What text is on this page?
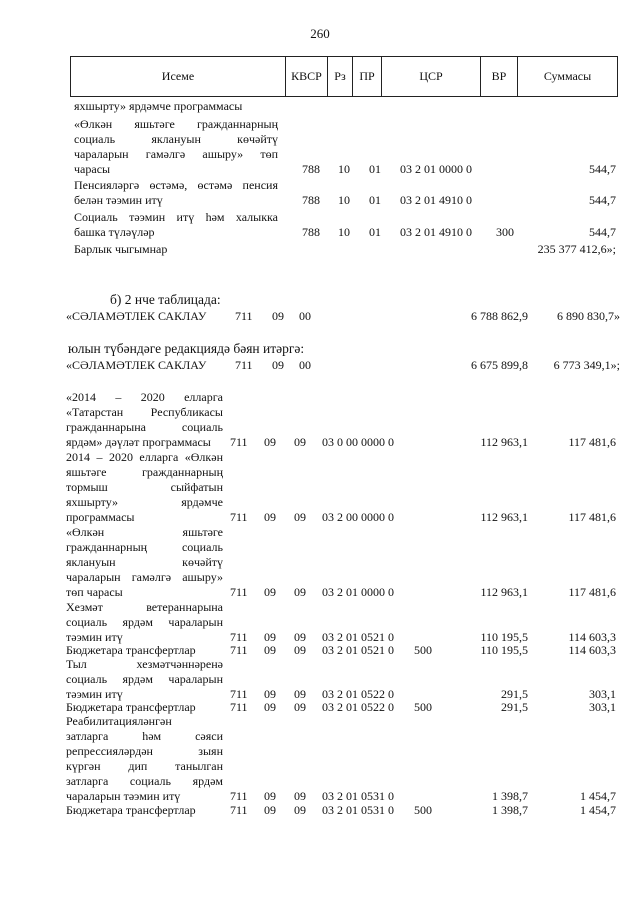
260
Исеме	КВСР	Рз	ПР	ЦСР	ВР	Суммасы
яхшырту» ярдәмче программасы
«Өлкән яшьтәге гражданнарның
социаль яклануын көчәйтү
чараларын гамәлгә ашыру» төп
чарасы	788	10	01	03 2 01 0000 0	544,7
Пенсияләргә өстәмә, өстәмә пенсия
белән тәэмин итү	788	10	01	03 2 01 4910 0	544,7
Социаль тәэмин итү һәм халыкка
башка түләүләр	788	10	01	03 2 01 4910 0	300	544,7
Барлык чыгымнар	235 377 412,6»;
б) 2 нче таблицада:
«СӘЛАМӘТЛЕК САКЛАУ 711 09 00	6 788 862,9	6 890 830,7»
юлын түбәндәге редакциядә бәян итәргә:
«СӘЛАМӘТЛЕК САКЛАУ 711 09 00	6 675 899,8	6 773 349,1»;
«2014 – 2020 елларга
«Татарстан Республикасы
гражданнарына социаль
ярдәм» дәүләт программасы 711 09 09 03 0 00 0000 0	112 963,1	117 481,6
2014 – 2020 елларга «Өлкән
яшьтәге гражданнарның
тормыш сыйфатын
яхшырту» ярдәмче
программасы	711 09 09 03 2 00 0000 0	112 963,1	117 481,6
«Өлкән яшьтәге
гражданнарның социаль
яклануын көчәйтү
чараларын гамәлгә ашыру»
төп чарасы	711 09 09 03 2 01 0000 0	112 963,1	117 481,6
Хезмәт ветераннарына
социаль ярдәм чараларын
тәэмин итү	711 09 09 03 2 01 0521 0	110 195,5	114 603,3
Бюджетара трансфертлар	711 09 09 03 2 01 0521 0 500	110 195,5	114 603,3
Тыл хезмәтчәннәренә
социаль ярдәм чараларын
тәэмин итү	711 09 09 03 2 01 0522 0	291,5	303,1
Бюджетара трансфертлар	711 09 09 03 2 01 0522 0 500	291,5	303,1
Реабилитацияләнгән
затларга һәм сәяси
репрессияләрдән зыян
күргән дип танылган
затларга социаль ярдәм
чараларын тәэмин итү	711 09 09 03 2 01 0531 0	1 398,7	1 454,7
Бюджетара трансфертлар	711 09 09 03 2 01 0531 0 500	1 398,7	1 454,7
